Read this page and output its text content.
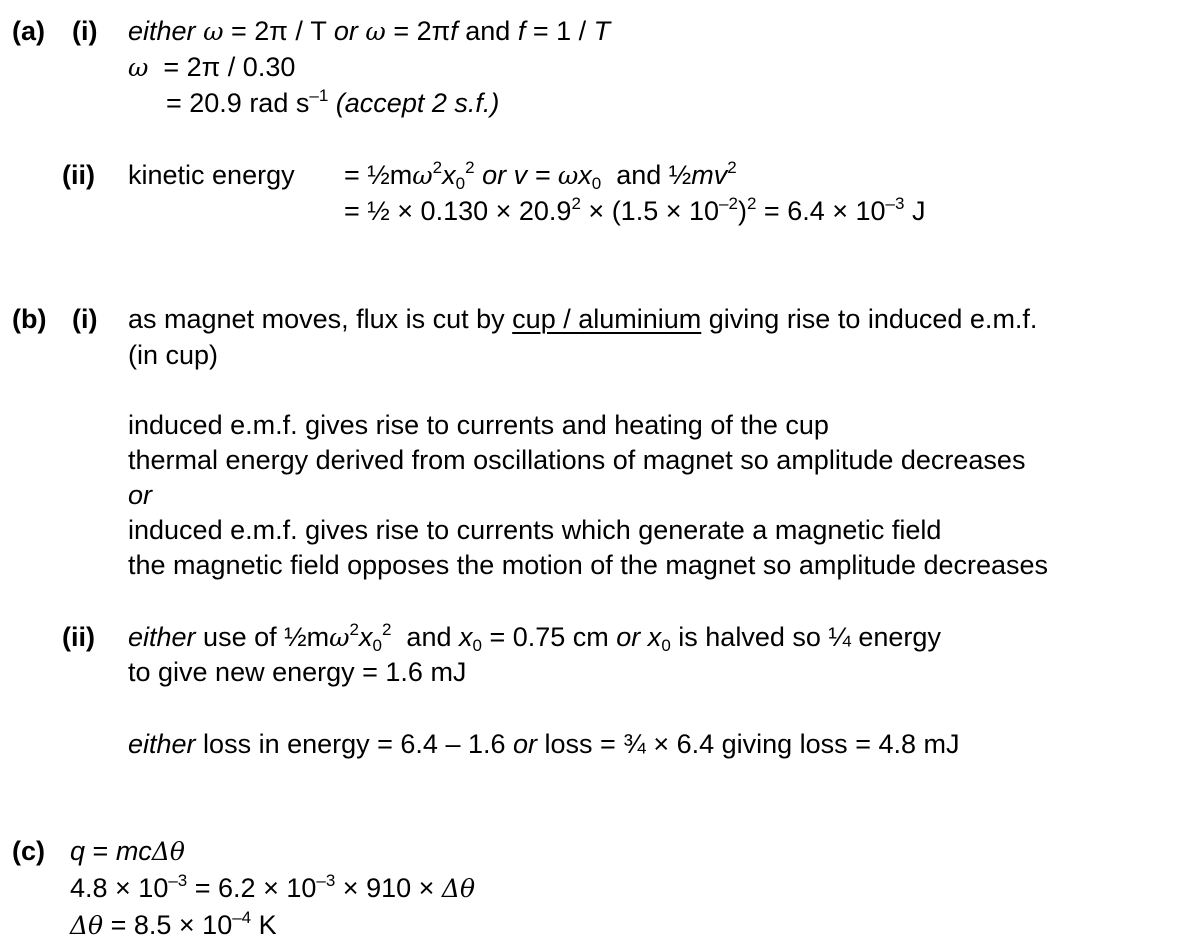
(a) (i) either ω = 2π / T or ω = 2πf and f = 1 / T
ω  = 2π / 0.30
= 20.9 rad $s^{-1}$ (accept 2 s.f.)
(ii) kinetic energy = $\frac{1}{2}m\omega^2x_0^2$ or $v = \omega x_0$  and $\frac{1}{2}mv^2$
= ½ × $0.130 \times 20.9^2 \times (1.5 \times 10^{-2})^2 = 6.4 \times 10^{-3}$ J
(b) (i) as magnet moves, flux is cut by cup / aluminium giving rise to induced e.m.f.
(in cup)
induced e.m.f. gives rise to currents and heating of the cup
thermal energy derived from oscillations of magnet so amplitude decreases
or
induced e.m.f. gives rise to currents which generate a magnetic field
the magnetic field opposes the motion of the magnet so amplitude decreases
(ii) either use of $\frac{1}{2}m\omega^2x_0^2$  and $x_0 = 0.75$ cm or $x_0$ is halved so ¼ energy
to give new energy = 1.6 mJ
either loss in energy = 6.4 – 1.6 or loss = ¾ × 6.4 giving loss = 4.8 mJ
(c) q = mcΔθ
$4.8 \times 10^{-3} = 6.2 \times 10^{-3} \times 910 \times \Delta\theta$
$\Delta\theta = 8.5 \times 10^{-4}$ K
